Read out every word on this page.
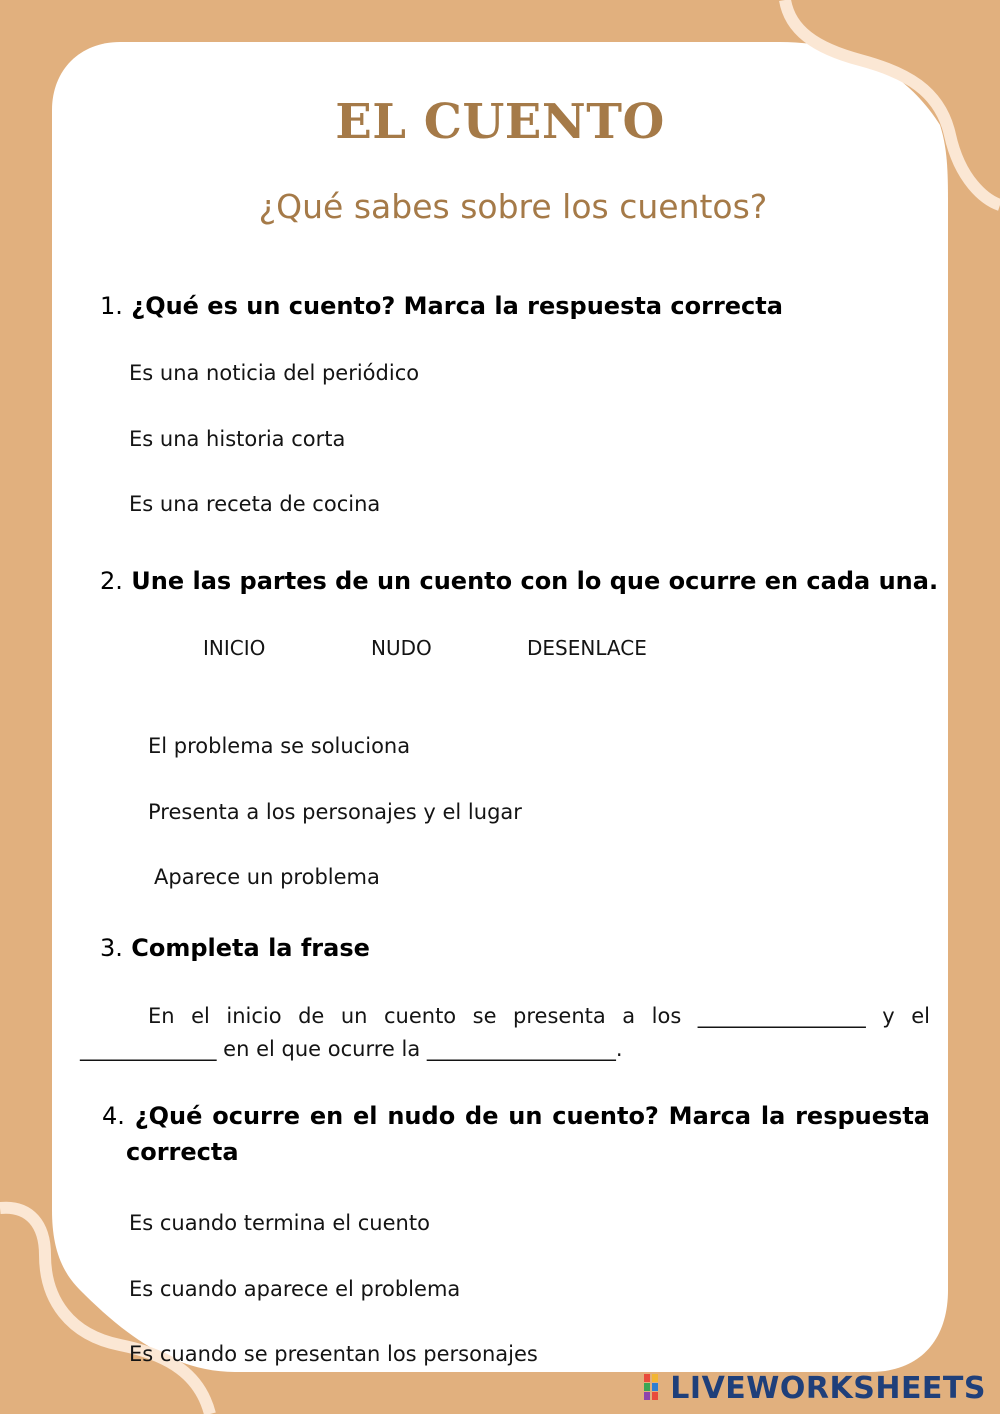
EL CUENTO
¿Qué sabes sobre los cuentos?
1. ¿Qué es un cuento? Marca la respuesta correcta
Es una noticia del periódico
Es una historia corta
Es una receta de cocina
2. Une las partes de un cuento con lo que ocurre en cada una.
INICIO	NUDO	DESENLACE
El problema se soluciona
Presenta a los personajes y el lugar
Aparece un problema
3. Completa la frase
En el inicio de un cuento se presenta a los ________________ y el
_____________ en el que ocurre la __________________.
4. ¿Qué ocurre en el nudo de un cuento? Marca la respuesta
correcta
Es cuando termina el cuento
Es cuando aparece el problema
Es cuando se presentan los personajes
LIVEWORKSHEETS
